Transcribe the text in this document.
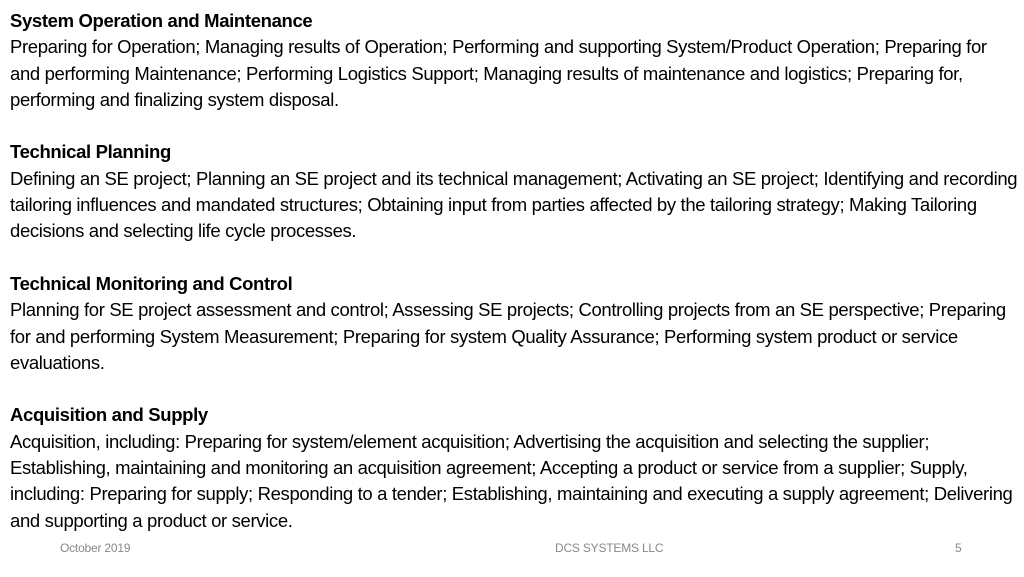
System Operation and Maintenance
Preparing for Operation; Managing results of Operation; Performing and supporting System/Product Operation; Preparing for and performing Maintenance; Performing Logistics Support; Managing results of maintenance and logistics; Preparing for, performing and finalizing system disposal.
Technical Planning
Defining an SE project; Planning an SE project and its technical management; Activating an SE project; Identifying and recording tailoring influences and mandated structures; Obtaining input from parties affected by the tailoring strategy; Making Tailoring decisions and selecting life cycle processes.
Technical Monitoring and Control
Planning for SE project assessment and control; Assessing SE projects; Controlling projects from an SE perspective; Preparing for and performing System Measurement; Preparing for system Quality Assurance; Performing system product or service evaluations.
Acquisition and Supply
Acquisition, including: Preparing for system/element acquisition; Advertising the acquisition and selecting the supplier; Establishing, maintaining and monitoring an acquisition agreement; Accepting a product or service from a supplier; Supply, including: Preparing for supply; Responding to a tender; Establishing, maintaining and executing a supply agreement; Delivering and supporting a product or service.
October 2019	DCS SYSTEMS LLC	5
